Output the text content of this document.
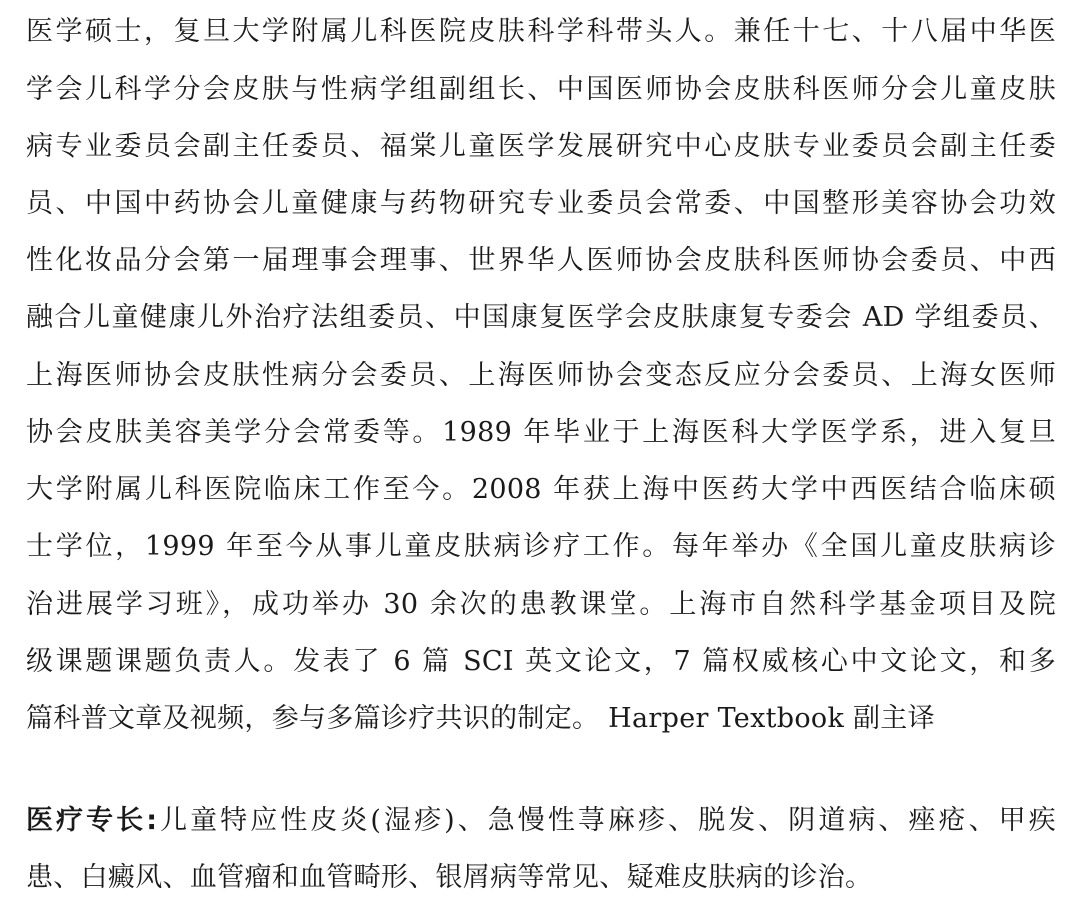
医学硕士，复旦大学附属儿科医院皮肤科学科带头人。兼任十七、十八届中华医
学会儿科学分会皮肤与性病学组副组长、中国医师协会皮肤科医师分会儿童皮肤
病专业委员会副主任委员、福棠儿童医学发展研究中心皮肤专业委员会副主任委
员、中国中药协会儿童健康与药物研究专业委员会常委、中国整形美容协会功效
性化妆品分会第一届理事会理事、世界华人医师协会皮肤科医师协会委员、中西
融合儿童健康儿外治疗法组委员、中国康复医学会皮肤康复专委会 AD 学组委员、
上海医师协会皮肤性病分会委员、上海医师协会变态反应分会委员、上海女医师
协会皮肤美容美学分会常委等。1989 年毕业于上海医科大学医学系，进入复旦
大学附属儿科医院临床工作至今。2008 年获上海中医药大学中西医结合临床硕
士学位，1999 年至今从事儿童皮肤病诊疗工作。每年举办《全国儿童皮肤病诊
治进展学习班》，成功举办 30 余次的患教课堂。上海市自然科学基金项目及院
级课题课题负责人。发表了 6 篇 SCI 英文论文，7 篇权威核心中文论文，和多
篇科普文章及视频，参与多篇诊疗共识的制定。 Harper Textbook 副主译
医疗专长:儿童特应性皮炎(湿疹)、急慢性荨麻疹、脱发、阴道病、痤疮、甲疾
患、白癜风、血管瘤和血管畸形、银屑病等常见、疑难皮肤病的诊治。
